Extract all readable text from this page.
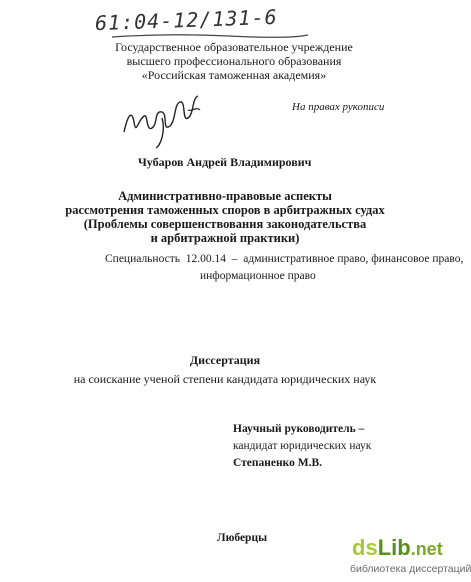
61:04-12/131-6
Государственное образовательное учреждение
высшего профессионального образования
«Российская таможенная академия»
На правах рукописи
Чубаров Андрей Владимирович
Административно-правовые аспекты
рассмотрения таможенных споров в арбитражных судах
(Проблемы совершенствования законодательства
и арбитражной практики)
Специальность  12.00.14  –  административное право, финансовое право,
информационное право
Диссертация
на соискание ученой степени кандидата юридических наук
Научный руководитель –
кандидат юридических наук
Степаненко М.В.
Люберцы	dsLib.net
библиотека диссертаций
